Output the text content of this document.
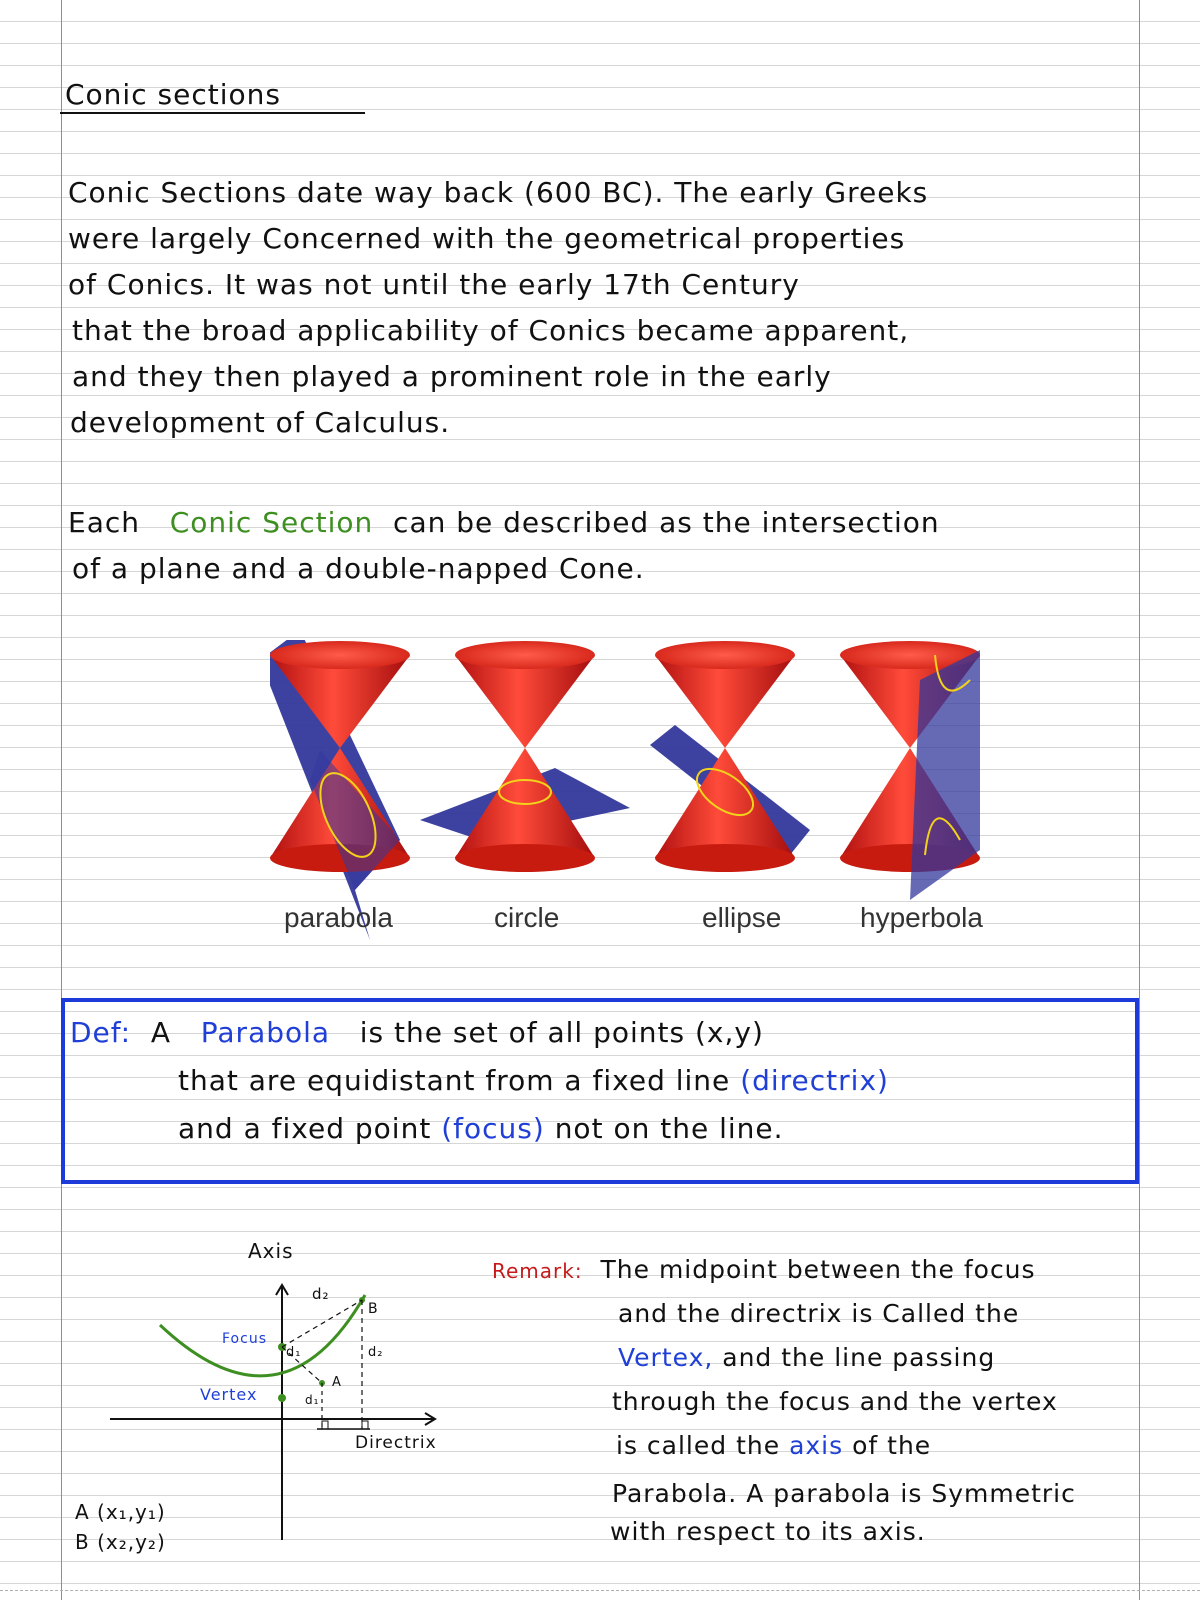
Conic sections
Conic Sections date way back (600 BC). The early Greeks
were largely Concerned with the geometrical properties
of Conics. It was not until the early 17th Century
that the broad applicability of Conics became apparent,
and they then played a prominent role in the early
development of Calculus.
Each Conic Section can be described as the intersection
of a plane and a double-napped Cone.
parabola	circle	ellipse	hyperbola
Def: A Parabola is the set of all points (x,y)
that are equidistant from a fixed line (directrix)
and a fixed point (focus) not on the line.
Axis
Focus
Vertex
Directrix
d₂
d₂
d₁
d₁
A
B
A (x₁,y₁)
B (x₂,y₂)
Remark: The midpoint between the focus
and the directrix is Called the
Vertex, and the line passing
through the focus and the vertex
is called the axis of the
Parabola. A parabola is Symmetric
with respect to its axis.
